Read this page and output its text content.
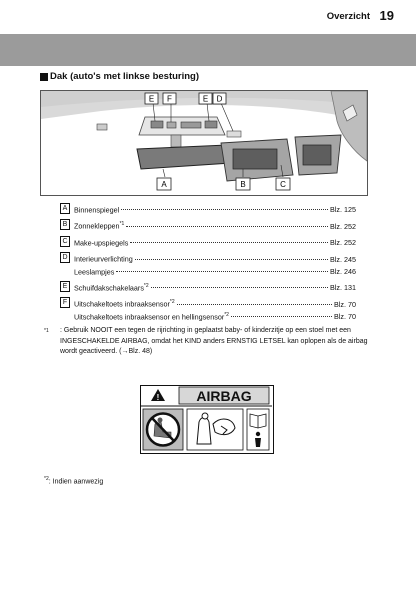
Overzicht 19
Dak (auto's met linkse besturing)
E F	E D
A	B	C
A Binnenspiegel	Blz. 125
B Zonnekleppen$^{*1}$	Blz. 252
C Make-upspiegels	Blz. 252
D Interieurverlichting	Blz. 245
Leeslampjes	Blz. 246
E Schuifdakschakelaars$^{*2}$	Blz. 131
F Uitschakeltoets inbraaksensor$^{*2}$	Blz. 70
Uitschakeltoets inbraaksensor en hellingsensor$^{*2}$	Blz. 70
$^{*1}$	: Gebruik NOOIT een tegen de rijrichting in geplaatst baby- of kinderzitje op een stoel met een INGESCHAKELDE AIRBAG, omdat het KIND anders ERNSTIG LETSEL kan oplopen als de airbag wordt geactiveerd. (→Blz. 48)
!	AIRBAG
$^{*2}$: Indien aanwezig
